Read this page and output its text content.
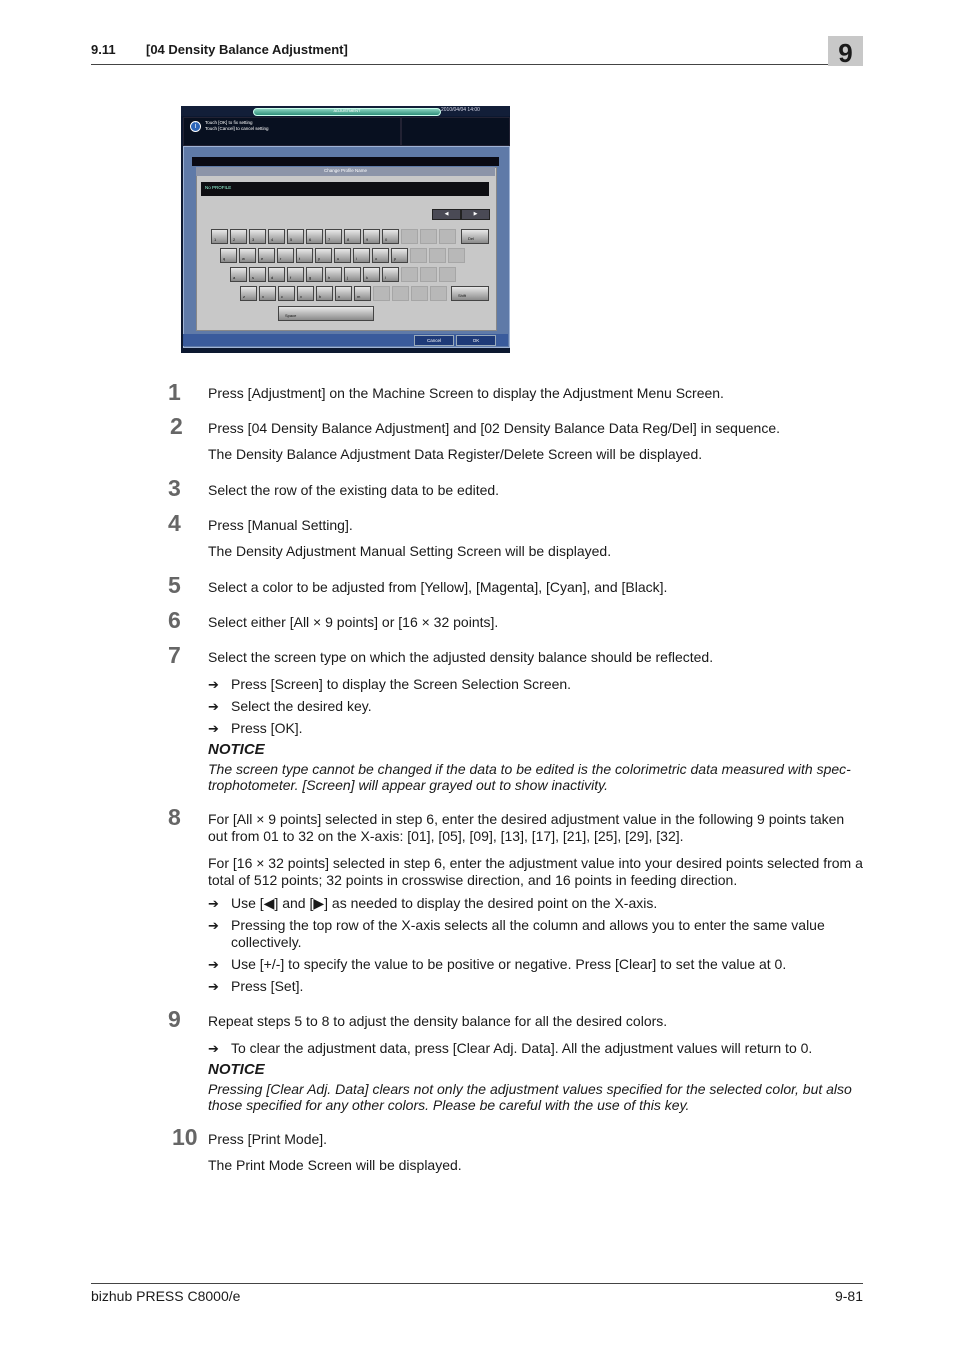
9.11 [04 Density Balance Adjustment]	9
ADJUSTMENT	2010/04/04 14:00
i
Touch [OK] to fix setting
Touch [Cancel] to cancel setting
Change Profile Name
No PROFILE
◀	▶
Del
Shift
Space
Cancel	OK
1	2	3	4	5	6	7	8	9	0
q	w	e	r	t	y	u	i	o	p
a	s	d	f	g	h	j	k	l
z	x	c	v	b	n	m
1	Press [Adjustment] on the Machine Screen to display the Adjustment Menu Screen.
2	Press [04 Density Balance Adjustment] and [02 Density Balance Data Reg/Del] in sequence.
The Density Balance Adjustment Data Register/Delete Screen will be displayed.
3	Select the row of the existing data to be edited.
4	Press [Manual Setting].
The Density Adjustment Manual Setting Screen will be displayed.
5	Select a color to be adjusted from [Yellow], [Magenta], [Cyan], and [Black].
6	Select either [All × 9 points] or [16 × 32 points].
7	Select the screen type on which the adjusted density balance should be reflected.
➔ Press [Screen] to display the Screen Selection Screen.
➔ Select the desired key.
➔ Press [OK].
NOTICE
The screen type cannot be changed if the data to be edited is the colorimetric data measured with spec-trophotometer. [Screen] will appear grayed out to show inactivity.
8	For [All × 9 points] selected in step 6, enter the desired adjustment value in the following 9 points taken out from 01 to 32 on the X-axis: [01], [05], [09], [13], [17], [21], [25], [29], [32].
For [16 × 32 points] selected in step 6, enter the adjustment value into your desired points selected from a total of 512 points; 32 points in crosswise direction, and 16 points in feeding direction.
➔ Use [◀] and [▶] as needed to display the desired point on the X-axis.
➔ Pressing the top row of the X-axis selects all the column and allows you to enter the same value collectively.
➔ Use [+/-] to specify the value to be positive or negative. Press [Clear] to set the value at 0.
➔ Press [Set].
9	Repeat steps 5 to 8 to adjust the density balance for all the desired colors.
➔ To clear the adjustment data, press [Clear Adj. Data]. All the adjustment values will return to 0.
NOTICE
Pressing [Clear Adj. Data] clears not only the adjustment values specified for the selected color, but also those specified for any other colors. Please be careful with the use of this key.
10 Press [Print Mode].
The Print Mode Screen will be displayed.
bizhub PRESS C8000/e	9-81
